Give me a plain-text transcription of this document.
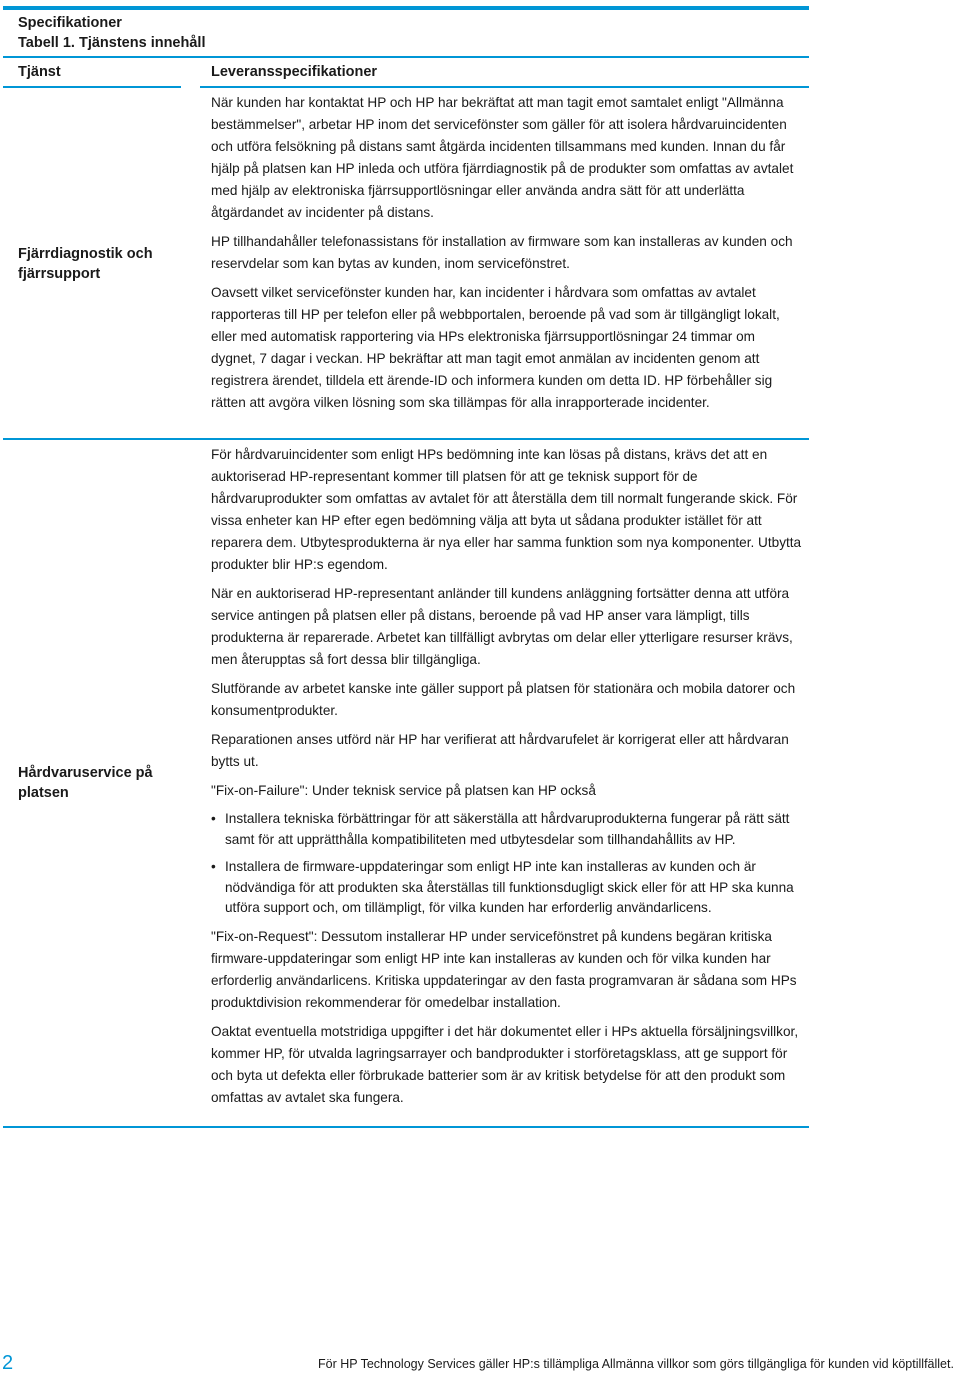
Specifikationer
Tabell 1. Tjänstens innehåll
Tjänst	Leveransspecifikationer
Fjärrdiagnostik och fjärrsupport

När kunden har kontaktat HP och HP har bekräftat att man tagit emot samtalet enligt "Allmänna bestämmelser", arbetar HP inom det servicefönster som gäller för att isolera hårdvaruincidenten och utföra felsökning på distans samt åtgärda incidenten tillsammans med kunden. Innan du får hjälp på platsen kan HP inleda och utföra fjärrdiagnostik på de produkter som omfattas av avtalet med hjälp av elektroniska fjärrsupportlösningar eller använda andra sätt för att underlätta åtgärdandet av incidenter på distans.

HP tillhandahåller telefonassistans för installation av firmware som kan installeras av kunden och reservdelar som kan bytas av kunden, inom servicefönstret.

Oavsett vilket servicefönster kunden har, kan incidenter i hårdvara som omfattas av avtalet rapporteras till HP per telefon eller på webbportalen, beroende på vad som är tillgängligt lokalt, eller med automatisk rapportering via HPs elektroniska fjärrsupportlösningar 24 timmar om dygnet, 7 dagar i veckan. HP bekräftar att man tagit emot anmälan av incidenten genom att registrera ärendet, tilldela ett ärende-ID och informera kunden om detta ID. HP förbehåller sig rätten att avgöra vilken lösning som ska tillämpas för alla inrapporterade incidenter.

Hårdvaruservice på platsen

För hårdvaruincidenter som enligt HPs bedömning inte kan lösas på distans, krävs det att en auktoriserad HP-representant kommer till platsen för att ge teknisk support för de hårdvaruprodukter som omfattas av avtalet för att återställa dem till normalt fungerande skick. För vissa enheter kan HP efter egen bedömning välja att byta ut sådana produkter istället för att reparera dem. Utbytesprodukterna är nya eller har samma funktion som nya komponenter. Utbytta produkter blir HP:s egendom.

När en auktoriserad HP-representant anländer till kundens anläggning fortsätter denna att utföra service antingen på platsen eller på distans, beroende på vad HP anser vara lämpligt, tills produkterna är reparerade. Arbetet kan tillfälligt avbrytas om delar eller ytterligare resurser krävs, men återupptas så fort dessa blir tillgängliga.

Slutförande av arbetet kanske inte gäller support på platsen för stationära och mobila datorer och konsumentprodukter.

Reparationen anses utförd när HP har verifierat att hårdvarufelet är korrigerat eller att hårdvaran bytts ut.

"Fix-on-Failure": Under teknisk service på platsen kan HP också

• Installera tekniska förbättringar för att säkerställa att hårdvaruprodukterna fungerar på rätt sätt samt för att upprätthålla kompatibiliteten med utbytesdelar som tillhandahållits av HP.
• Installera de firmware-uppdateringar som enligt HP inte kan installeras av kunden och är nödvändiga för att produkten ska återställas till funktionsdugligt skick eller för att HP ska kunna utföra support och, om tillämpligt, för vilka kunden har erforderlig användarlicens.

"Fix-on-Request": Dessutom installerar HP under servicefönstret på kundens begäran kritiska firmware-uppdateringar som enligt HP inte kan installeras av kunden och för vilka kunden har erforderlig användarlicens. Kritiska uppdateringar av den fasta programvaran är sådana som HPs produktdivision rekommenderar för omedelbar installation.

Oaktat eventuella motstridiga uppgifter i det här dokumentet eller i HPs aktuella försäljningsvillkor, kommer HP, för utvalda lagringsarrayer och bandprodukter i storföretagsklass, att ge support för och byta ut defekta eller förbrukade batterier som är av kritisk betydelse för att den produkt som omfattas av avtalet ska fungera.

2	För HP Technology Services gäller HP:s tillämpliga Allmänna villkor som görs tillgängliga för kunden vid köptillfället.
